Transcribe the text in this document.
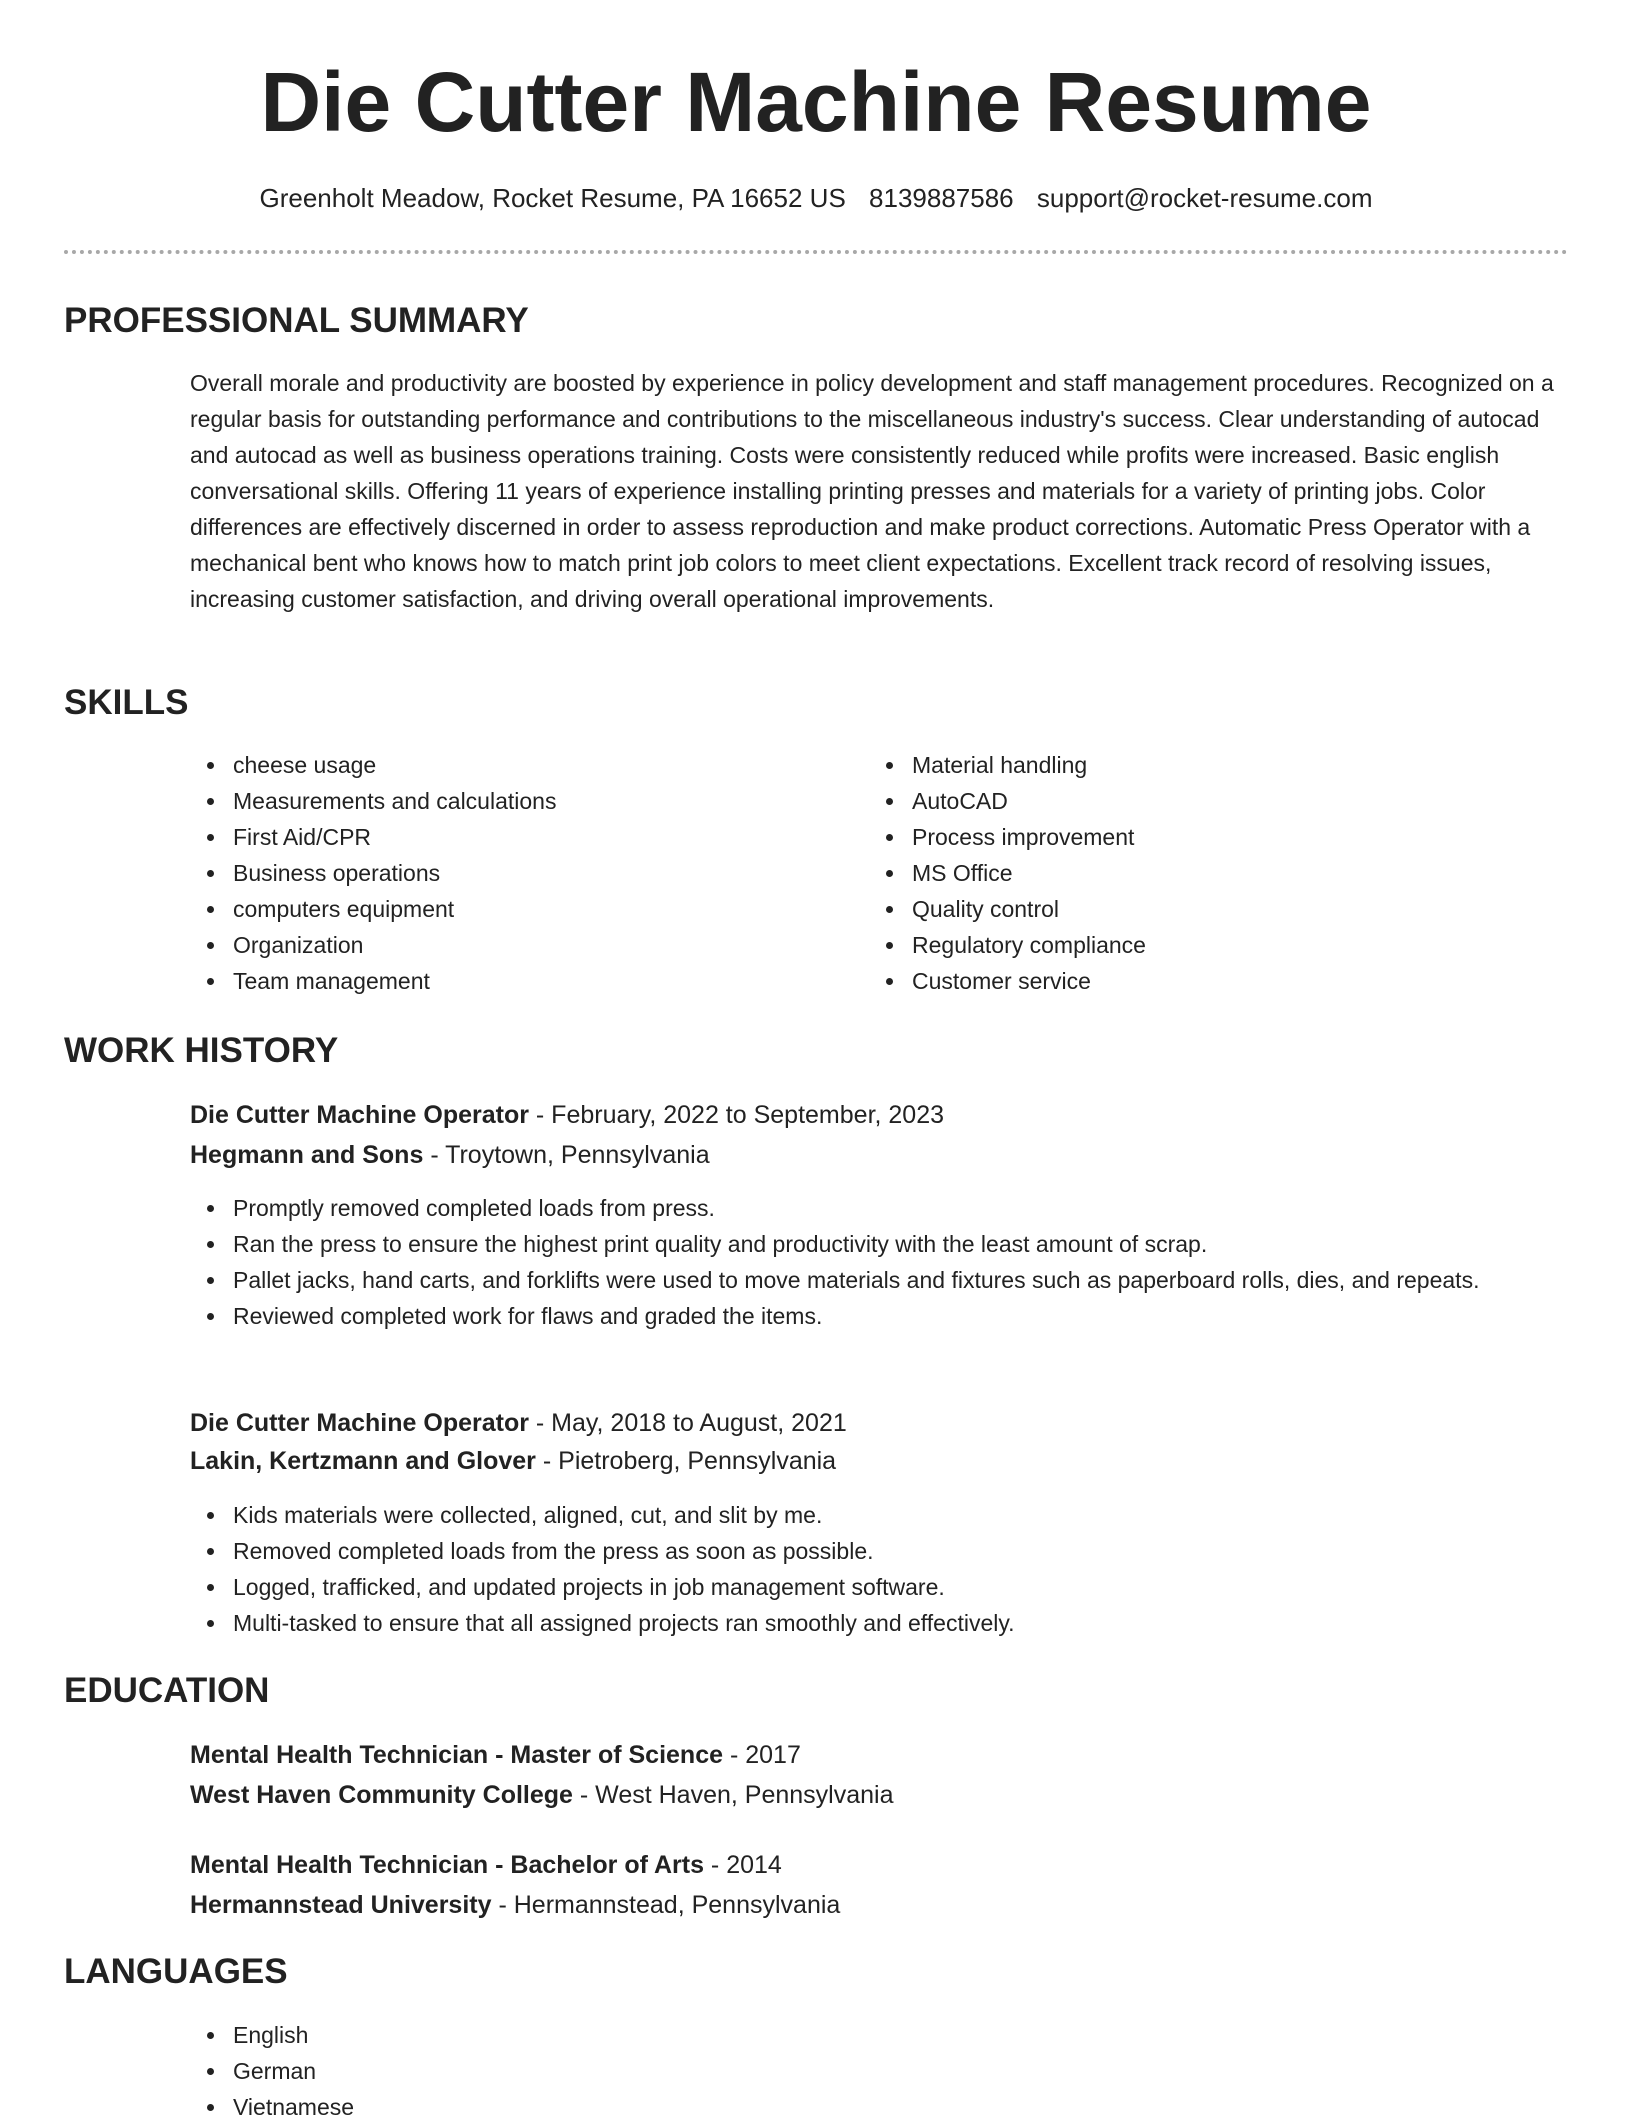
Die Cutter Machine Resume
Greenholt Meadow, Rocket Resume, PA 16652 US 8139887586 support@rocket-resume.com
PROFESSIONAL SUMMARY

Overall morale and productivity are boosted by experience in policy development and staff management procedures. Recognized on a regular basis for outstanding performance and contributions to the miscellaneous industry's success. Clear understanding of autocad and autocad as well as business operations training. Costs were consistently reduced while profits were increased. Basic english conversational skills. Offering 11 years of experience installing printing presses and materials for a variety of printing jobs. Color differences are effectively discerned in order to assess reproduction and make product corrections. Automatic Press Operator with a mechanical bent who knows how to match print job colors to meet client expectations. Excellent track record of resolving issues, increasing customer satisfaction, and driving overall operational improvements.

SKILLS
cheese usage
Measurements and calculations
First Aid/CPR
Business operations
computers equipment
Organization
Team management
Material handling
AutoCAD
Process improvement
MS Office
Quality control
Regulatory compliance
Customer service
WORK HISTORY
Die Cutter Machine Operator - February, 2022 to September, 2023
Hegmann and Sons - Troytown, Pennsylvania
Promptly removed completed loads from press.
Ran the press to ensure the highest print quality and productivity with the least amount of scrap.
Pallet jacks, hand carts, and forklifts were used to move materials and fixtures such as paperboard rolls, dies, and repeats.
Reviewed completed work for flaws and graded the items.
Die Cutter Machine Operator - May, 2018 to August, 2021
Lakin, Kertzmann and Glover - Pietroberg, Pennsylvania
Kids materials were collected, aligned, cut, and slit by me.
Removed completed loads from the press as soon as possible.
Logged, trafficked, and updated projects in job management software.
Multi-tasked to ensure that all assigned projects ran smoothly and effectively.
EDUCATION
Mental Health Technician - Master of Science - 2017
West Haven Community College - West Haven, Pennsylvania
Mental Health Technician - Bachelor of Arts - 2014
Hermannstead University - Hermannstead, Pennsylvania
LANGUAGES
English
German
Vietnamese
